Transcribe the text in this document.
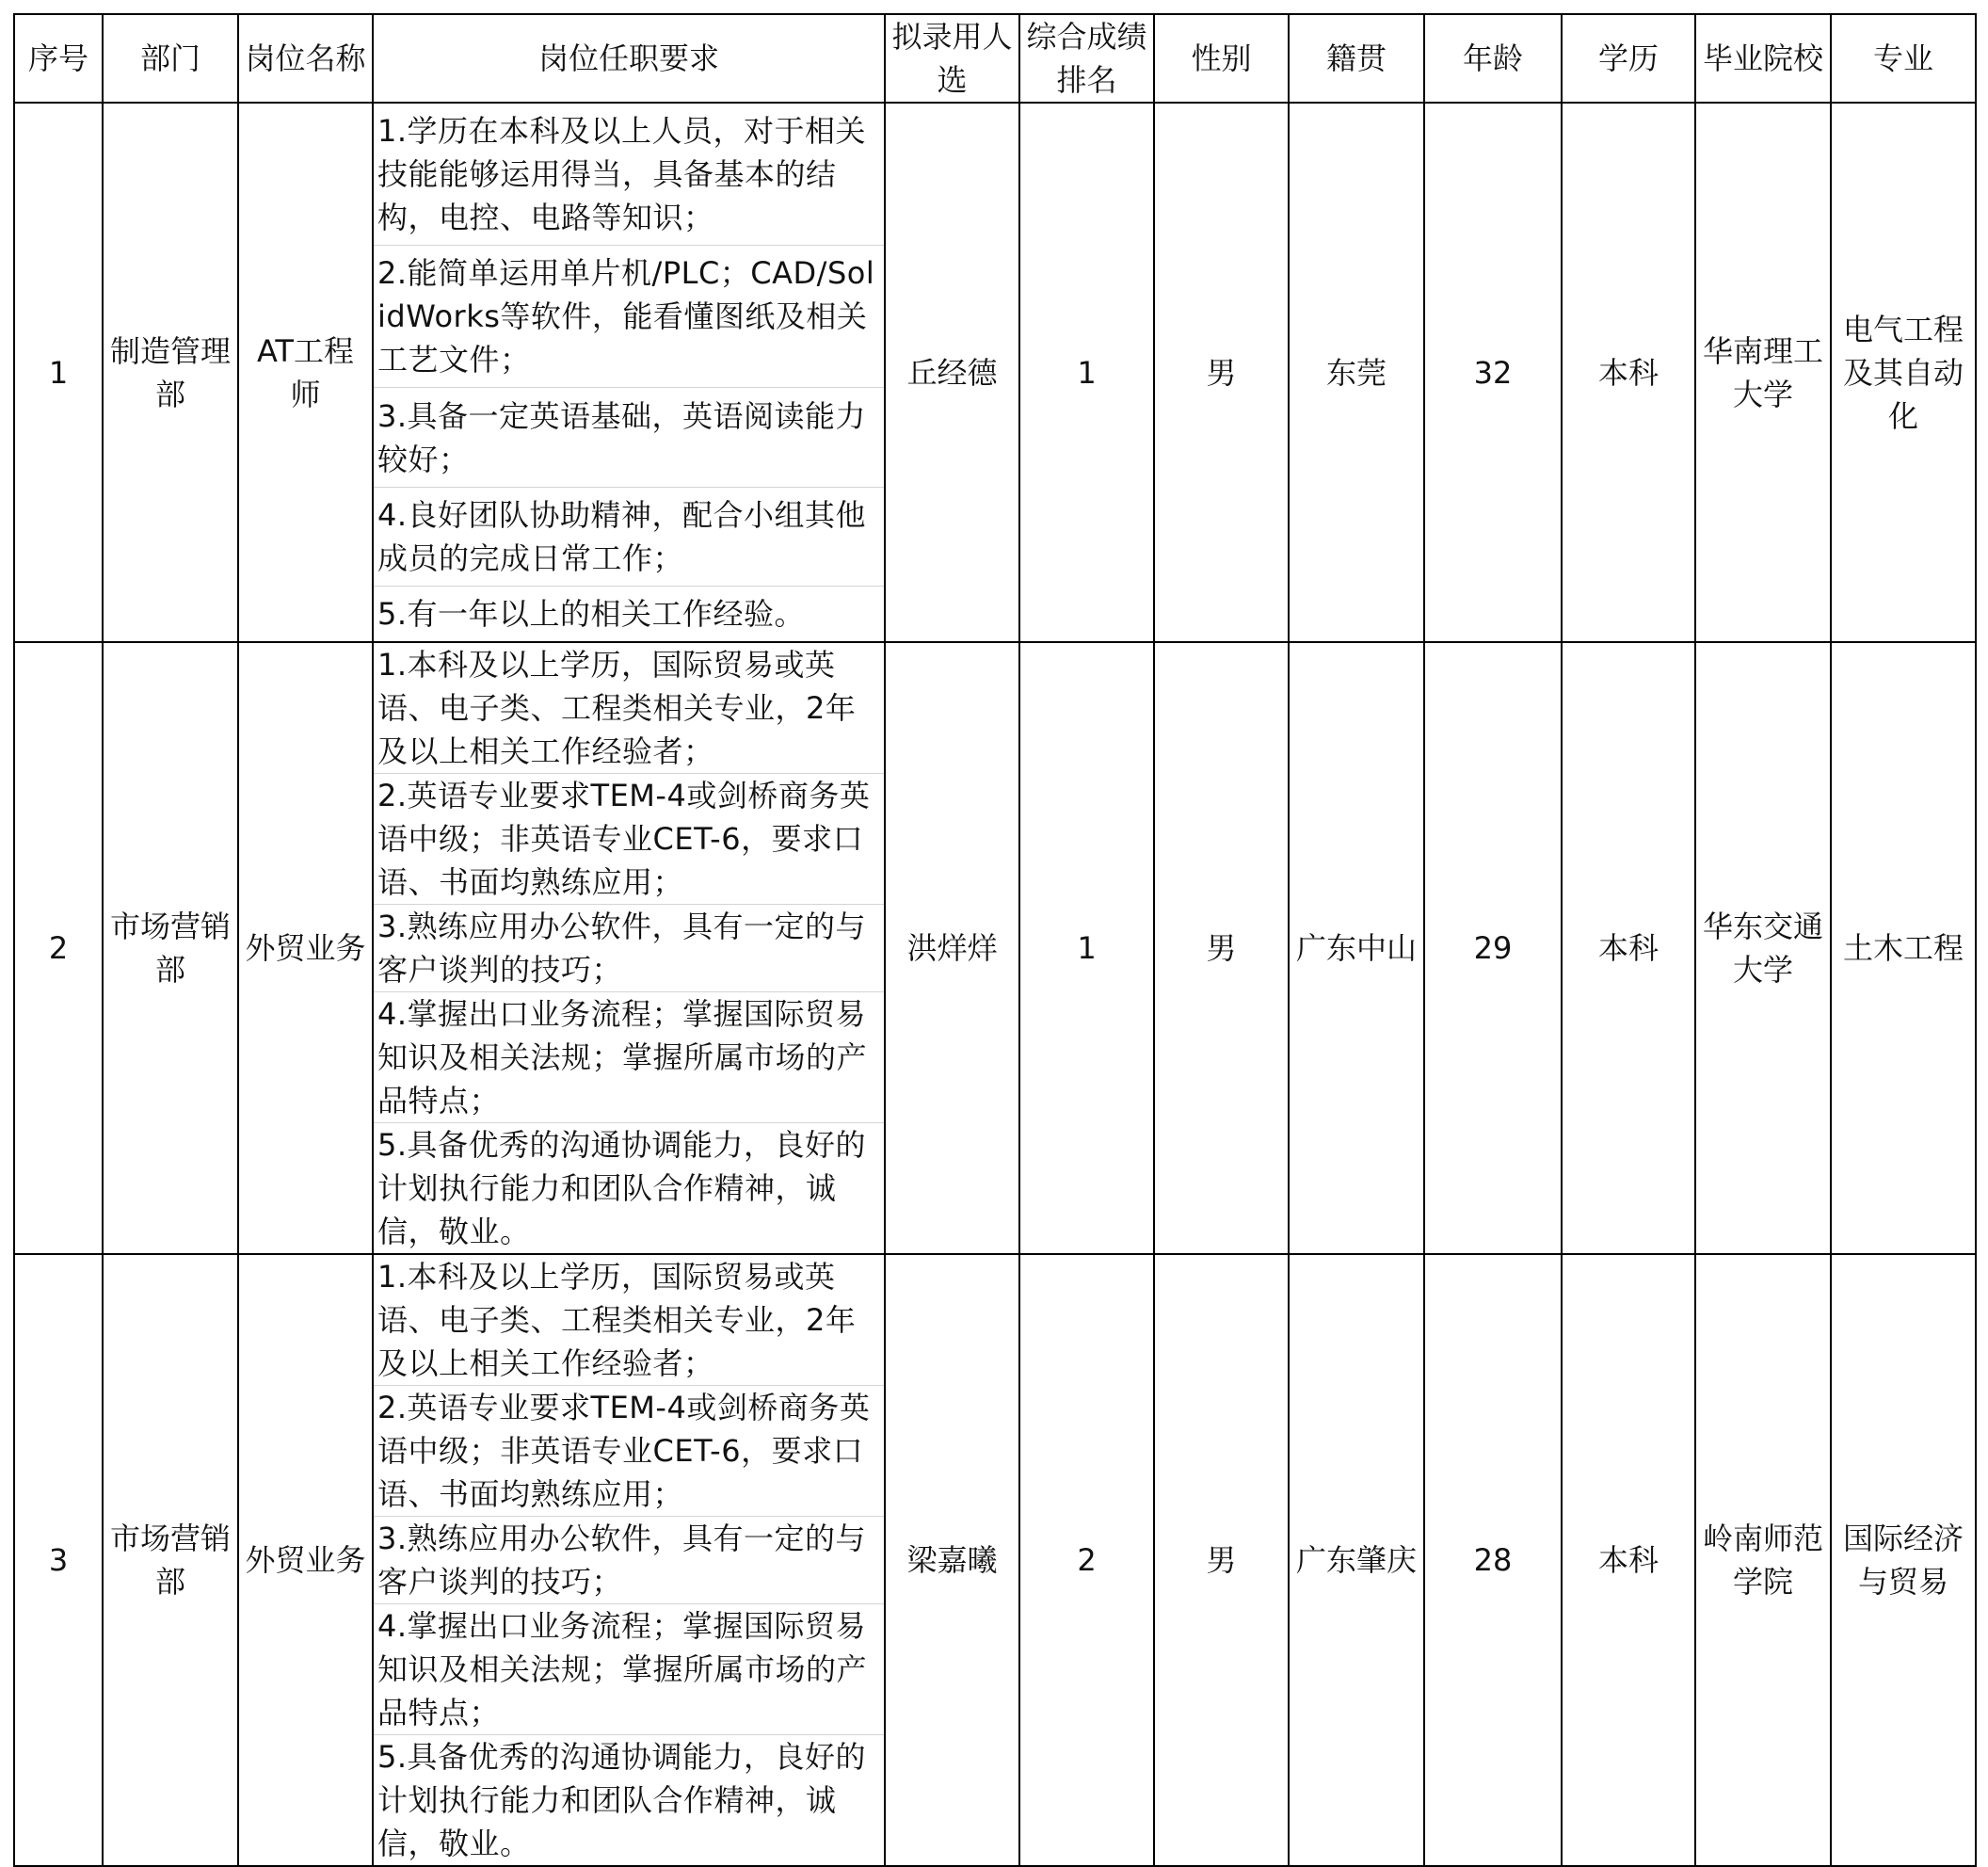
序号	部门	岗位名称	岗位任职要求	拟录用人选	综合成绩排名	性别	籍贯	年龄	学历	毕业院校	专业
1	制造管理部	AT工程师	1.学历在本科及以上人员，对于相关技能能够运用得当，具备基本的结构，电控、电路等知识；
2.能简单运用单片机/PLC；CAD/SolidWorks等软件，能看懂图纸及相关工艺文件；
3.具备一定英语基础，英语阅读能力较好；
4.良好团队协助精神，配合小组其他成员的完成日常工作；
5.有一年以上的相关工作经验。	丘经德	1	男	东莞	32	本科	华南理工大学	电气工程及其自动化
2	市场营销部	外贸业务	1.本科及以上学历，国际贸易或英语、电子类、工程类相关专业，2年及以上相关工作经验者；
2.英语专业要求TEM-4或剑桥商务英语中级；非英语专业CET-6，要求口语、书面均熟练应用；
3.熟练应用办公软件，具有一定的与客户谈判的技巧；
4.掌握出口业务流程；掌握国际贸易知识及相关法规；掌握所属市场的产品特点；
5.具备优秀的沟通协调能力，良好的计划执行能力和团队合作精神，诚信，敬业。	洪烊烊	1	男	广东中山	29	本科	华东交通大学	土木工程
3	市场营销部	外贸业务	1.本科及以上学历，国际贸易或英语、电子类、工程类相关专业，2年及以上相关工作经验者；
2.英语专业要求TEM-4或剑桥商务英语中级；非英语专业CET-6，要求口语、书面均熟练应用；
3.熟练应用办公软件，具有一定的与客户谈判的技巧；
4.掌握出口业务流程；掌握国际贸易知识及相关法规；掌握所属市场的产品特点；
5.具备优秀的沟通协调能力，良好的计划执行能力和团队合作精神，诚信，敬业。	梁嘉曦	2	男	广东肇庆	28	本科	岭南师范学院	国际经济与贸易
